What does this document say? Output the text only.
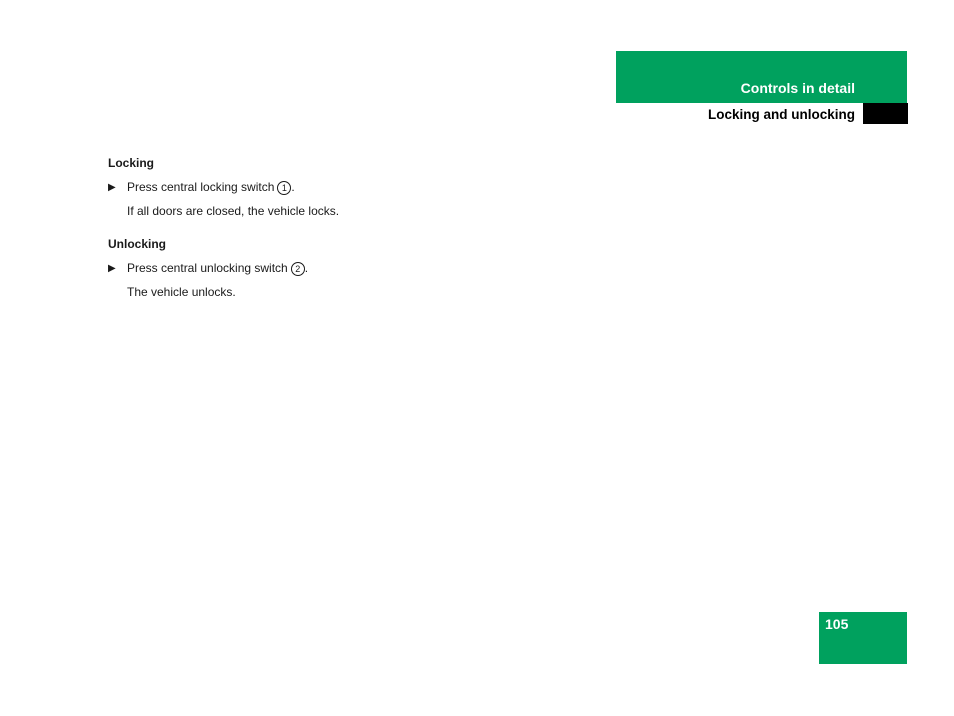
Controls in detail
Locking and unlocking
Locking
▶ Press central locking switch 1 .
If all doors are closed, the vehicle locks.
Unlocking
▶ Press central unlocking switch 2 .
The vehicle unlocks.
105
